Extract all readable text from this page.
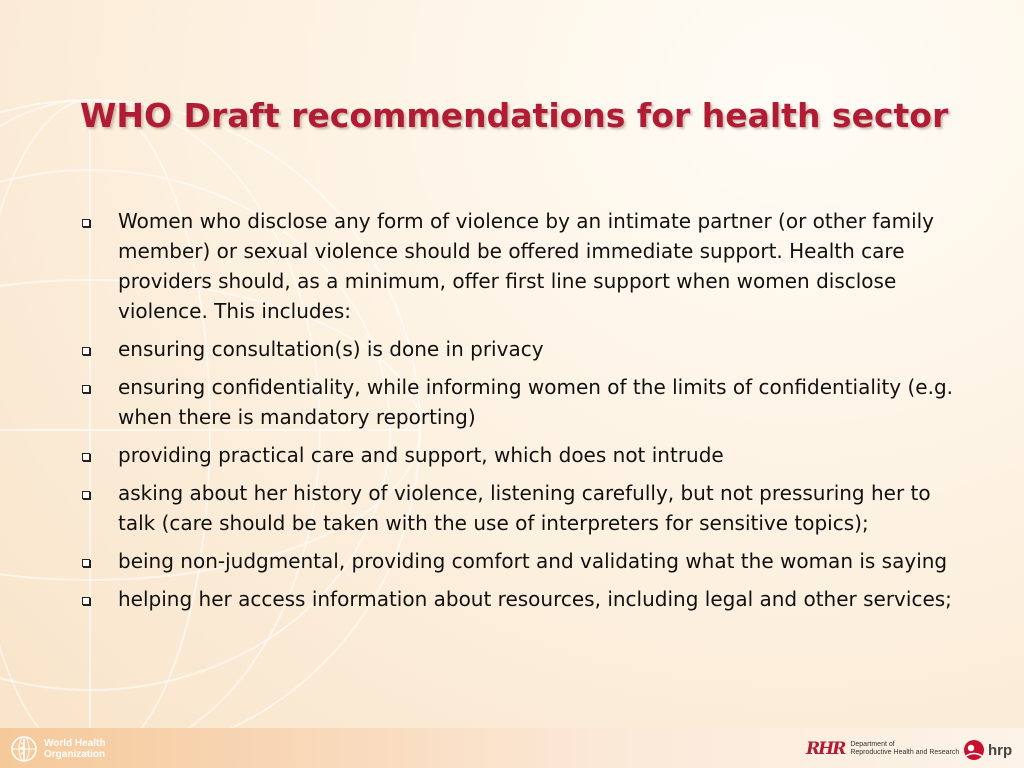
WHO Draft recommendations for health sector
Women who disclose any form of violence by an intimate partner (or other family member) or sexual violence should be offered immediate support. Health care providers should, as a minimum, offer first line support when women disclose violence. This includes:
ensuring consultation(s) is done in privacy
ensuring confidentiality, while informing women of the limits of confidentiality (e.g. when there is mandatory reporting)
providing practical care and support, which does not intrude
asking about her history of violence, listening carefully, but not pressuring her to talk (care should be taken with the use of interpreters for sensitive topics);
being non-judgmental, providing comfort and validating what the woman is saying
helping her access information about resources, including legal and other services;
World Health
Organization	RHR Department of
Reproductive Health and Research hrp
